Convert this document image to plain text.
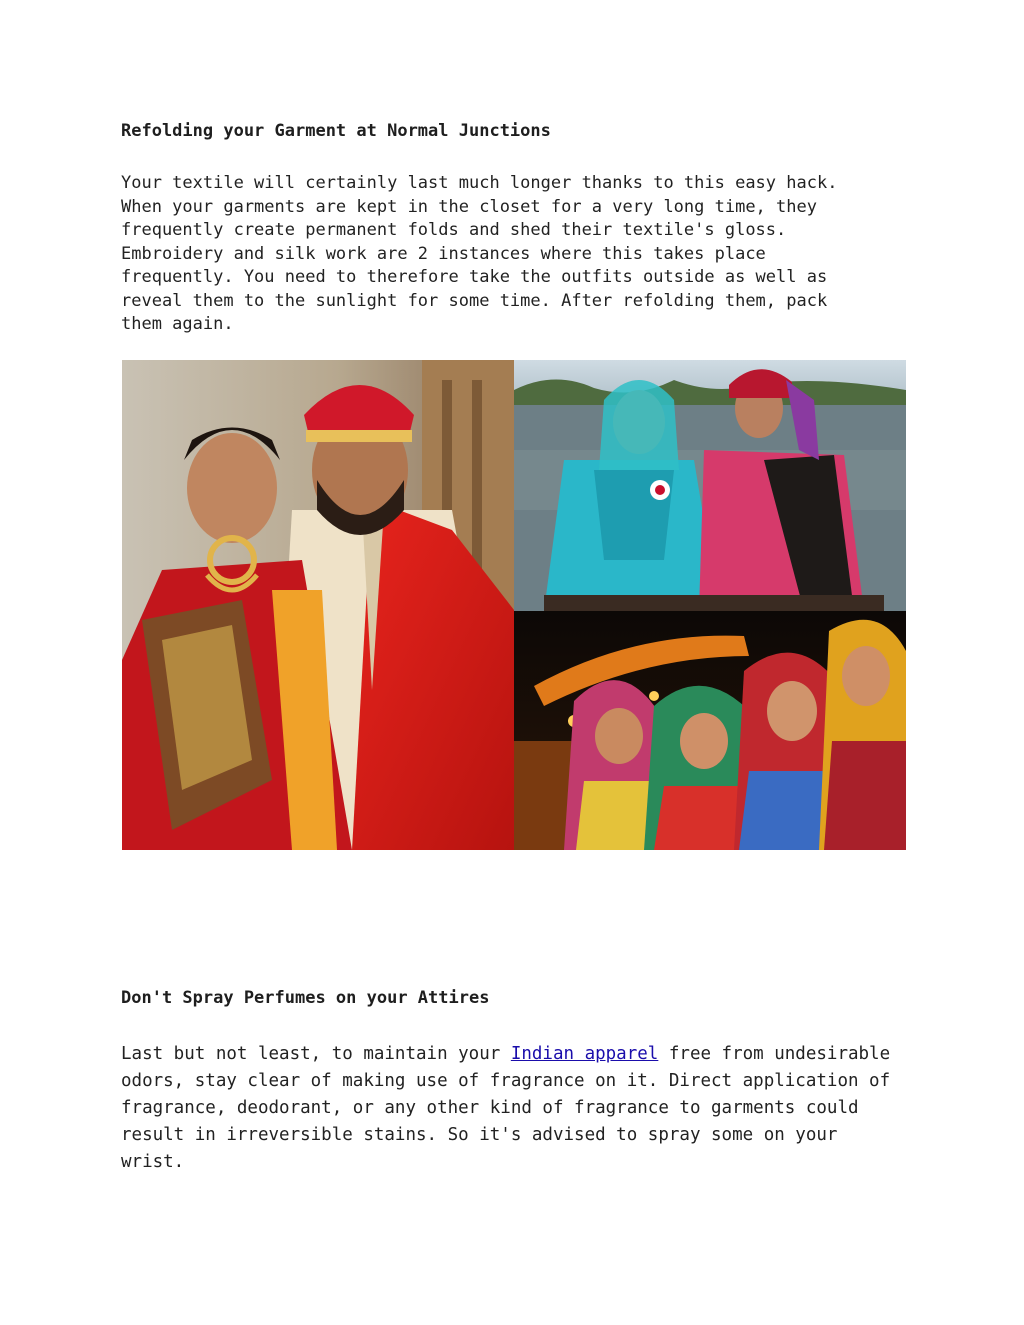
Refolding your Garment at Normal Junctions

Your textile will certainly last much longer thanks to this easy hack.
When your garments are kept in the closet for a very long time, they
frequently create permanent folds and shed their textile's gloss.
Embroidery and silk work are 2 instances where this takes place
frequently. You need to therefore take the outfits outside as well as
reveal them to the sunlight for some time. After refolding them, pack
them again.

Don't Spray Perfumes on your Attires

Last but not least, to maintain your Indian apparel free from undesirable odors, stay clear of making use of fragrance on it. Direct application of fragrance, deodorant, or any other kind of fragrance to garments could result in irreversible stains. So it's advised to spray some on your wrist.
